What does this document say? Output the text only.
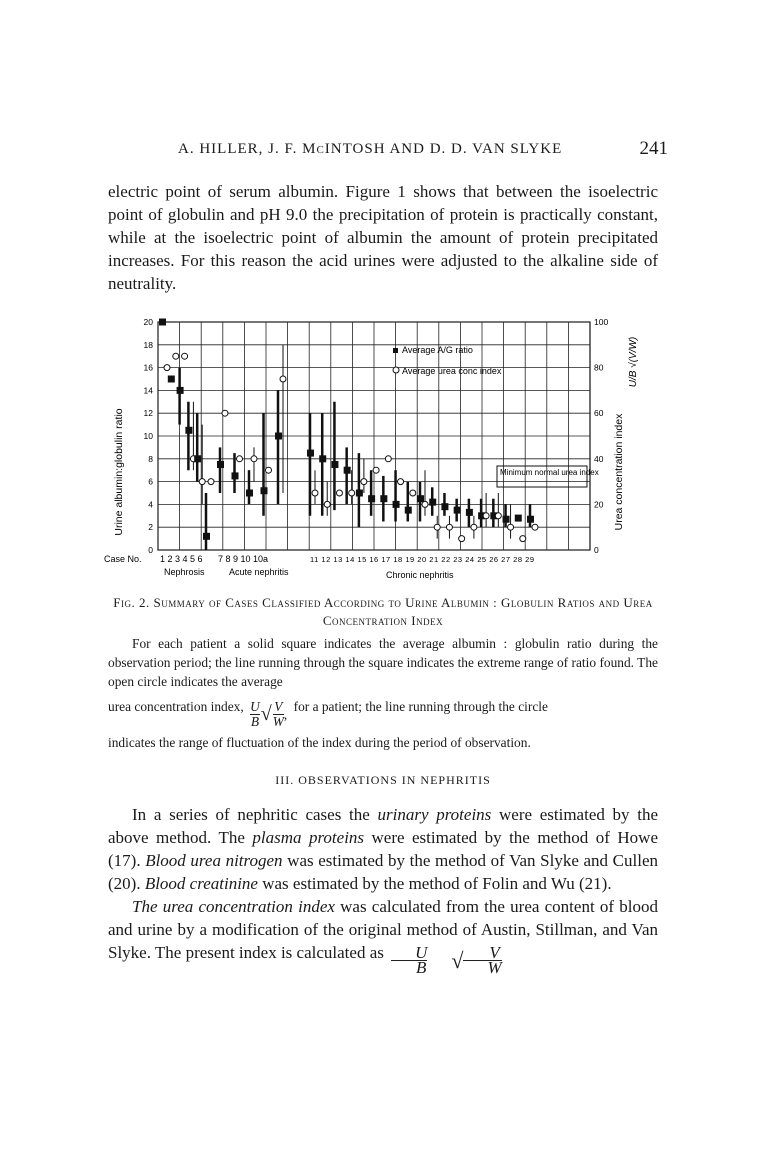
A. HILLER, J. F. McINTOSH AND D. D. VAN SLYKE	241
electric point of serum albumin. Figure 1 shows that between the isoelectric point of globulin and pH 9.0 the precipitation of protein is practically constant, while at the isoelectric point of albumin the amount of protein precipitated increases. For this reason the acid urines were adjusted to the alkaline side of neutrality.
20
18
16
14
12
10
8
6
4
2
0
100
80
60
40
20
0
Urine albumin:globulin ratio	Urea concentration index
U/B √(V/W)
Average A/G ratio
Average urea conc index
Minimum normal urea index
Case No. 1 2 3 4 5 6 7 8 9 10 10a	11 12 13 14 15 16 17 18 19 20 21 22 23 24 25 26 27 28 29
Nephrosis	Acute nephritis	Chronic nephritis
Fig. 2. Summary of Cases Classified According to Urine Albumin : Globulin Ratios and Urea Concentration Index
For each patient a solid square indicates the average albumin : globulin ratio during the observation period; the line running through the square indicates the extreme range of ratio found. The open circle indicates the average
urea concentration index, $\frac{U}{B}$ √ $\frac{V}{W}$ , for a patient; the line running through the circle
indicates the range of fluctuation of the index during the period of observation.
III. OBSERVATIONS IN NEPHRITIS

In a series of nephritic cases the urinary proteins were estimated by the above method. The plasma proteins were estimated by the method of Howe (17). Blood urea nitrogen was estimated by the method of Van Slyke and Cullen (20). Blood creatinine was estimated by the method of Folin and Wu (21).

The urea concentration index was calculated from the urea content of blood and urine by a modification of the original method of Austin, Stillman, and Van Slyke. The present index is calculated as $\frac{U}{B}$	√ $\frac{V}{W}$
